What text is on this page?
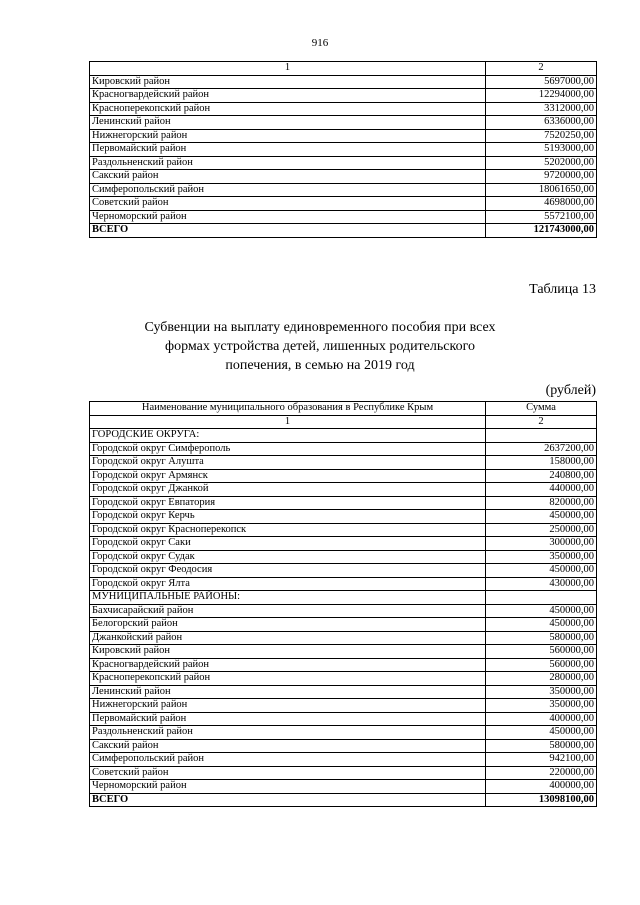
916
1	2
Кировский район	5697000,00
Красногвардейский район	12294000,00
Красноперекопский район	3312000,00
Ленинский район	6336000,00
Нижнегорский район	7520250,00
Первомайский район	5193000,00
Раздольненский район	5202000,00
Сакский район	9720000,00
Симферопольский район	18061650,00
Советский район	4698000,00
Черноморский район	5572100,00
ВСЕГО	121743000,00
Таблица 13
Субвенции на выплату единовременного пособия при всех
формах устройства детей, лишенных родительского
попечения, в семью на 2019 год
(рублей)
Наименование муниципального образования в Республике Крым	Сумма
1	2
ГОРОДСКИЕ ОКРУГА:	
Городской округ Симферополь	2637200,00
Городской округ Алушта	158000,00
Городской округ Армянск	240800,00
Городской округ Джанкой	440000,00
Городской округ Евпатория	820000,00
Городской округ Керчь	450000,00
Городской округ Красноперекопск	250000,00
Городской округ Саки	300000,00
Городской округ Судак	350000,00
Городской округ Феодосия	450000,00
Городской округ Ялта	430000,00
МУНИЦИПАЛЬНЫЕ РАЙОНЫ:	
Бахчисарайский район	450000,00
Белогорский район	450000,00
Джанкойский район	580000,00
Кировский район	560000,00
Красногвардейский район	560000,00
Красноперекопский район	280000,00
Ленинский район	350000,00
Нижнегорский район	350000,00
Первомайский район	400000,00
Раздольненский район	450000,00
Сакский район	580000,00
Симферопольский район	942100,00
Советский район	220000,00
Черноморский район	400000,00
ВСЕГО	13098100,00
